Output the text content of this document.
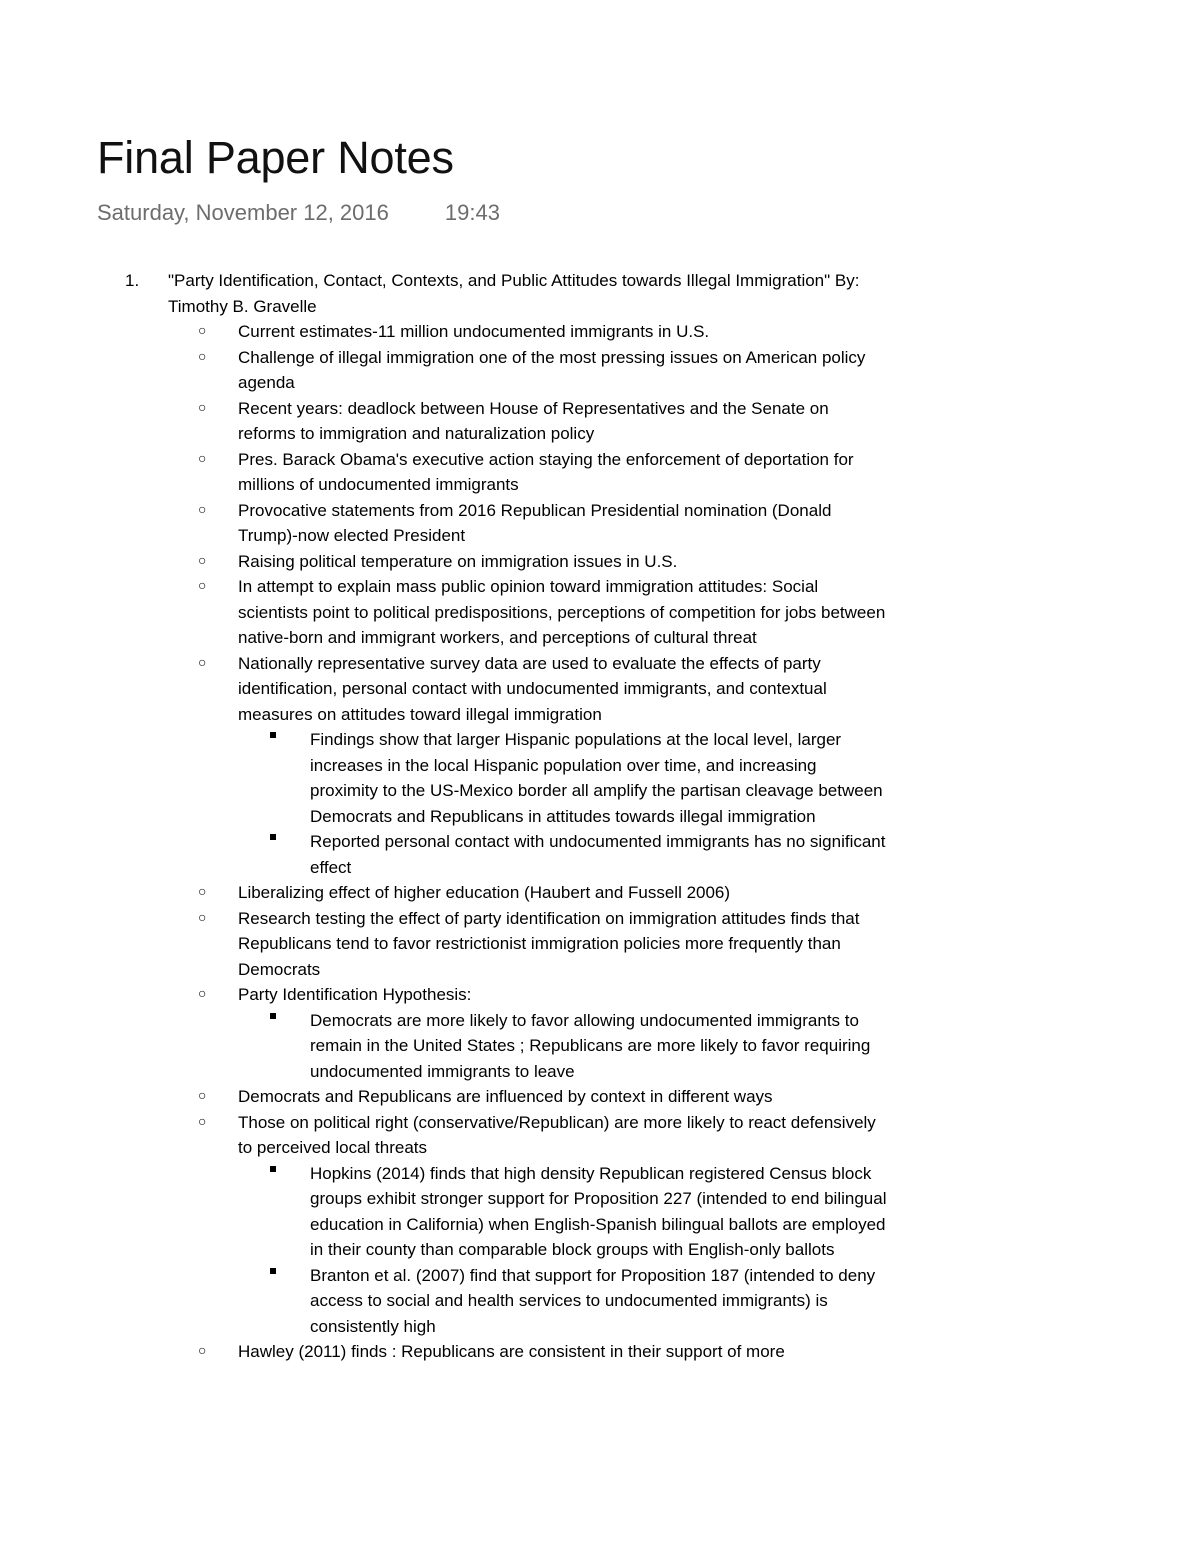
Final Paper Notes
Saturday, November 12, 2016	19:43
1. "Party Identification, Contact, Contexts, and Public Attitudes towards Illegal Immigration" By: Timothy B. Gravelle
○ Current estimates-11 million undocumented immigrants in U.S.
○ Challenge of illegal immigration one of the most pressing issues on American policy agenda
○ Recent years: deadlock between House of Representatives and the Senate on reforms to immigration and naturalization policy
○ Pres. Barack Obama's executive action staying the enforcement of deportation for millions of undocumented immigrants
○ Provocative statements from 2016 Republican Presidential nomination (Donald Trump)-now elected President
○ Raising political temperature on immigration issues in U.S.
○ In attempt to explain mass public opinion toward immigration attitudes: Social scientists point to political predispositions, perceptions of competition for jobs between native-born and immigrant workers, and perceptions of cultural threat
○ Nationally representative survey data are used to evaluate the effects of party identification, personal contact with undocumented immigrants, and contextual measures on attitudes toward illegal immigration
Findings show that larger Hispanic populations at the local level, larger increases in the local Hispanic population over time, and increasing proximity to the US-Mexico border all amplify the partisan cleavage between Democrats and Republicans in attitudes towards illegal immigration
Reported personal contact with undocumented immigrants has no significant effect
○ Liberalizing effect of higher education (Haubert and Fussell 2006)
○ Research testing the effect of party identification on immigration attitudes finds that Republicans tend to favor restrictionist immigration policies more frequently than Democrats
○ Party Identification Hypothesis:
Democrats are more likely to favor allowing undocumented immigrants to remain in the United States ; Republicans are more likely to favor requiring undocumented immigrants to leave
○ Democrats and Republicans are influenced by context in different ways
○ Those on political right (conservative/Republican) are more likely to react defensively to perceived local threats
Hopkins (2014) finds that high density Republican registered Census block groups exhibit stronger support for Proposition 227 (intended to end bilingual education in California) when English-Spanish bilingual ballots are employed in their county than comparable block groups with English-only ballots
Branton et al. (2007) find that support for Proposition 187 (intended to deny access to social and health services to undocumented immigrants) is consistently high
○ Hawley (2011) finds : Republicans are consistent in their support of more
